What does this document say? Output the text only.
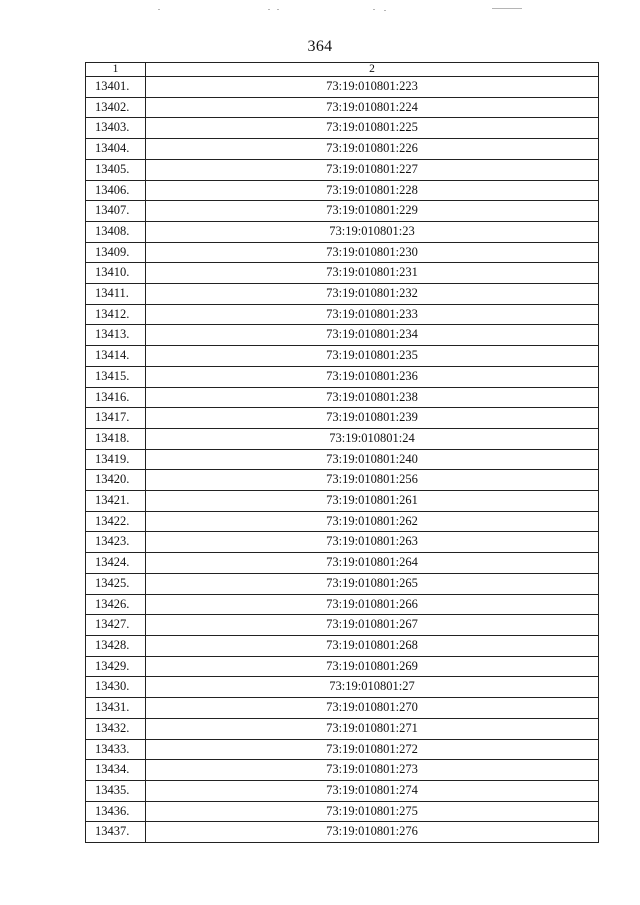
364
1	2
13401.	73:19:010801:223
13402.	73:19:010801:224
13403.	73:19:010801:225
13404.	73:19:010801:226
13405.	73:19:010801:227
13406.	73:19:010801:228
13407.	73:19:010801:229
13408.	73:19:010801:23
13409.	73:19:010801:230
13410.	73:19:010801:231
13411.	73:19:010801:232
13412.	73:19:010801:233
13413.	73:19:010801:234
13414.	73:19:010801:235
13415.	73:19:010801:236
13416.	73:19:010801:238
13417.	73:19:010801:239
13418.	73:19:010801:24
13419.	73:19:010801:240
13420.	73:19:010801:256
13421.	73:19:010801:261
13422.	73:19:010801:262
13423.	73:19:010801:263
13424.	73:19:010801:264
13425.	73:19:010801:265
13426.	73:19:010801:266
13427.	73:19:010801:267
13428.	73:19:010801:268
13429.	73:19:010801:269
13430.	73:19:010801:27
13431.	73:19:010801:270
13432.	73:19:010801:271
13433.	73:19:010801:272
13434.	73:19:010801:273
13435.	73:19:010801:274
13436.	73:19:010801:275
13437.	73:19:010801:276
